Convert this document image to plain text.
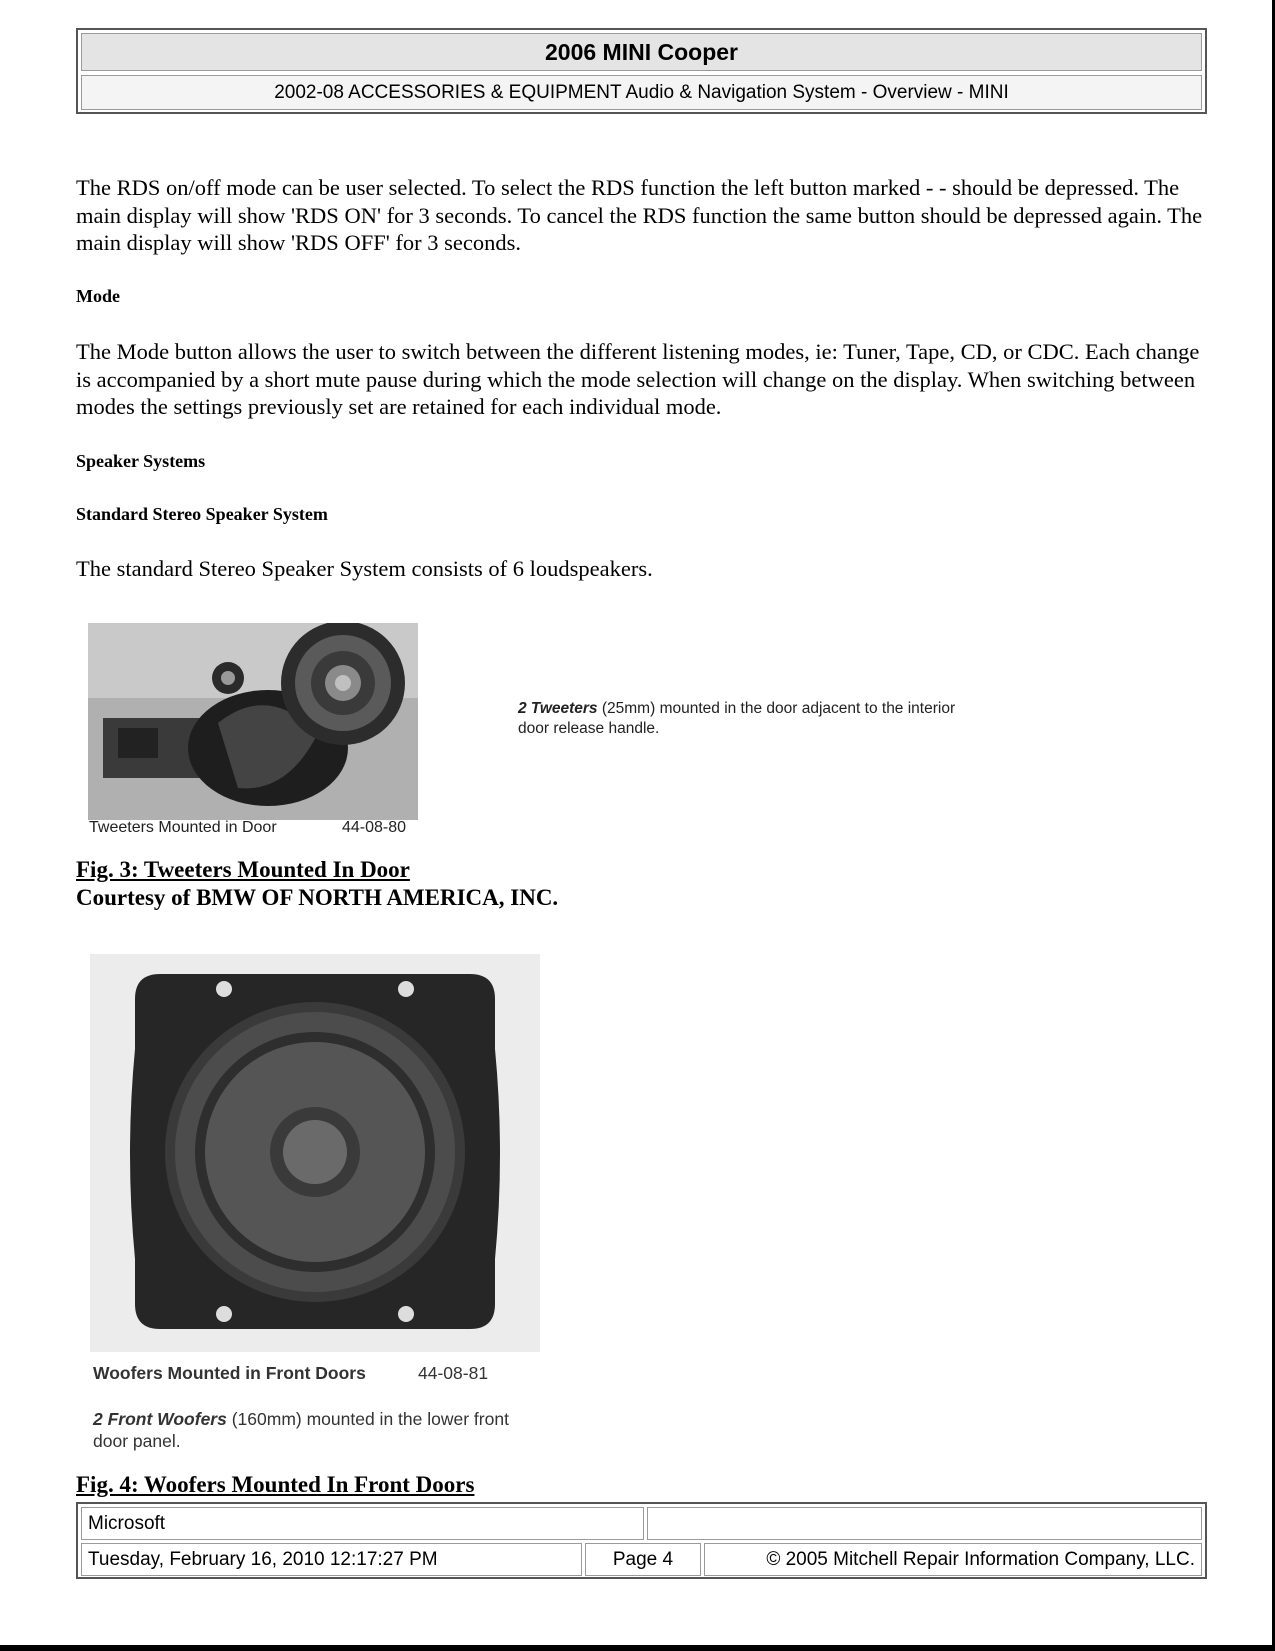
2006 MINI Cooper
2002-08 ACCESSORIES & EQUIPMENT Audio & Navigation System - Overview - MINI

The RDS on/off mode can be user selected. To select the RDS function the left button marked - - should be depressed. The main display will show 'RDS ON' for 3 seconds. To cancel the RDS function the same button should be depressed again. The main display will show 'RDS OFF' for 3 seconds.

Mode

The Mode button allows the user to switch between the different listening modes, ie: Tuner, Tape, CD, or CDC. Each change is accompanied by a short mute pause during which the mode selection will change on the display. When switching between modes the settings previously set are retained for each individual mode.

Speaker Systems

Standard Stereo Speaker System

The standard Stereo Speaker System consists of 6 loudspeakers.

Tweeters Mounted in Door	44-08-80
2 Tweeters (25mm) mounted in the door adjacent to the interior door release handle.

Fig. 3: Tweeters Mounted In Door

Courtesy of BMW OF NORTH AMERICA, INC.

Woofers Mounted in Front Doors	44-08-81
2 Front Woofers (160mm) mounted in the lower front door panel.

Fig. 4: Woofers Mounted In Front Doors

Microsoft
Tuesday, February 16, 2010 12:17:27 PM	Page 4	© 2005 Mitchell Repair Information Company, LLC.
